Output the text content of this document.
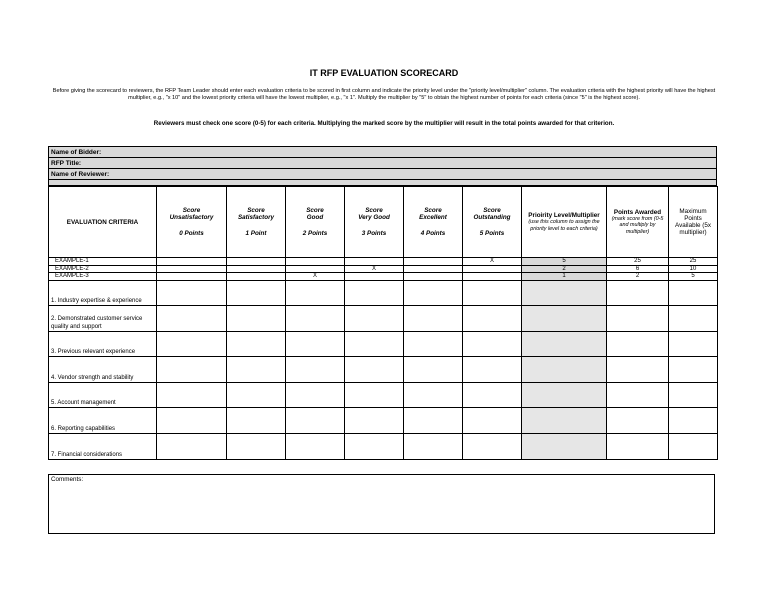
IT RFP EVALUATION SCORECARD
Before giving the scorecard to reviewers, the RFP Team Leader should enter each evaluation criteria to be scored in first column and indicate the priority level under the "priority level/multiplier" column. The evaluation criteria with the highest priority will have the highest multiplier, e.g., "x 10" and the lowest priority criteria will have the lowest multiplier, e.g., "x 1". Multiply the multiplier by "5" to obtain the highest number of points for each criteria (since "5" is the highest score).
Reviewers must check one score (0-5) for each criteria. Multiplying the marked score by the multiplier will result in the total points awarded for that criterion.
Name of Bidder:
RFP Title:
Name of Reviewer:

EVALUATION CRITERIA	Score
Unsatisfactory
0 Points	Score
Satisfactory
1 Point	Score
Good
2 Points	Score
Very Good
3 Points	Score
Excellent
4 Points	Score
Outstanding
5 Points	Prioirity Level/Multiplier
(use this column to assign the priority level to each criteria)	Points Awarded
(mark score from (0-5 and multiply by multiplier)	Maximum Points Available (5x multiplier)
EXAMPLE-1						X	5	25	25
EXAMPLE-2				X			2	6	10
EXAMPLE-3			X				1	2	5
1. Industry expertise & experience									
2. Demonstrated customer service quality and support									
3. Previous relevant experience									
4. Vendor strength and stability									
5. Account management									
6. Reporting capabilities									
7. Financial considerations									
Comments:
